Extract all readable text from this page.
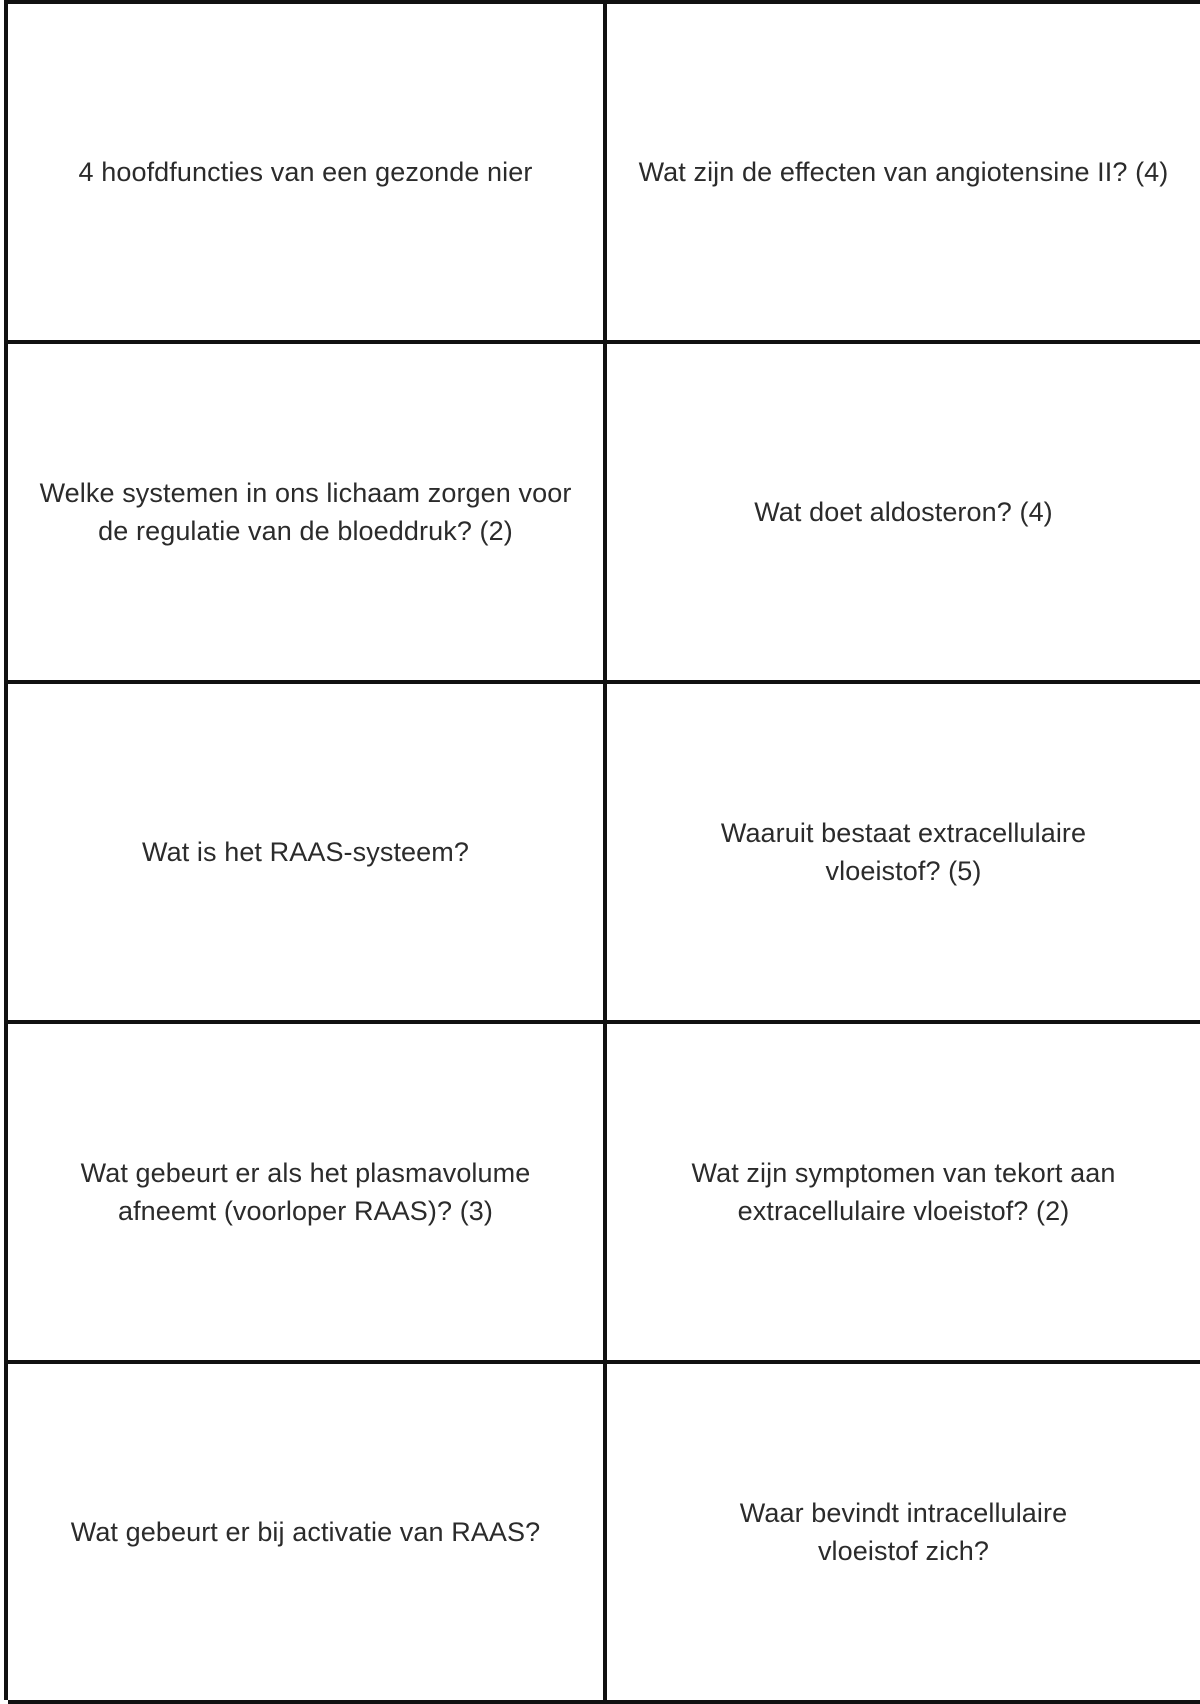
4 hoofdfuncties van een gezonde nier	Wat zijn de effecten van angiotensine II? (4)
Welke systemen in ons lichaam zorgen voor de regulatie van de bloeddruk? (2)
Wat doet aldosteron? (4)
Wat is het RAAS-systeem?
Waaruit bestaat extracellulaire vloeistof? (5)
Wat gebeurt er als het plasmavolume afneemt (voorloper RAAS)? (3)
Wat zijn symptomen van tekort aan extracellulaire vloeistof? (2)
Wat gebeurt er bij activatie van RAAS?
Waar bevindt intracellulaire vloeistof zich?
